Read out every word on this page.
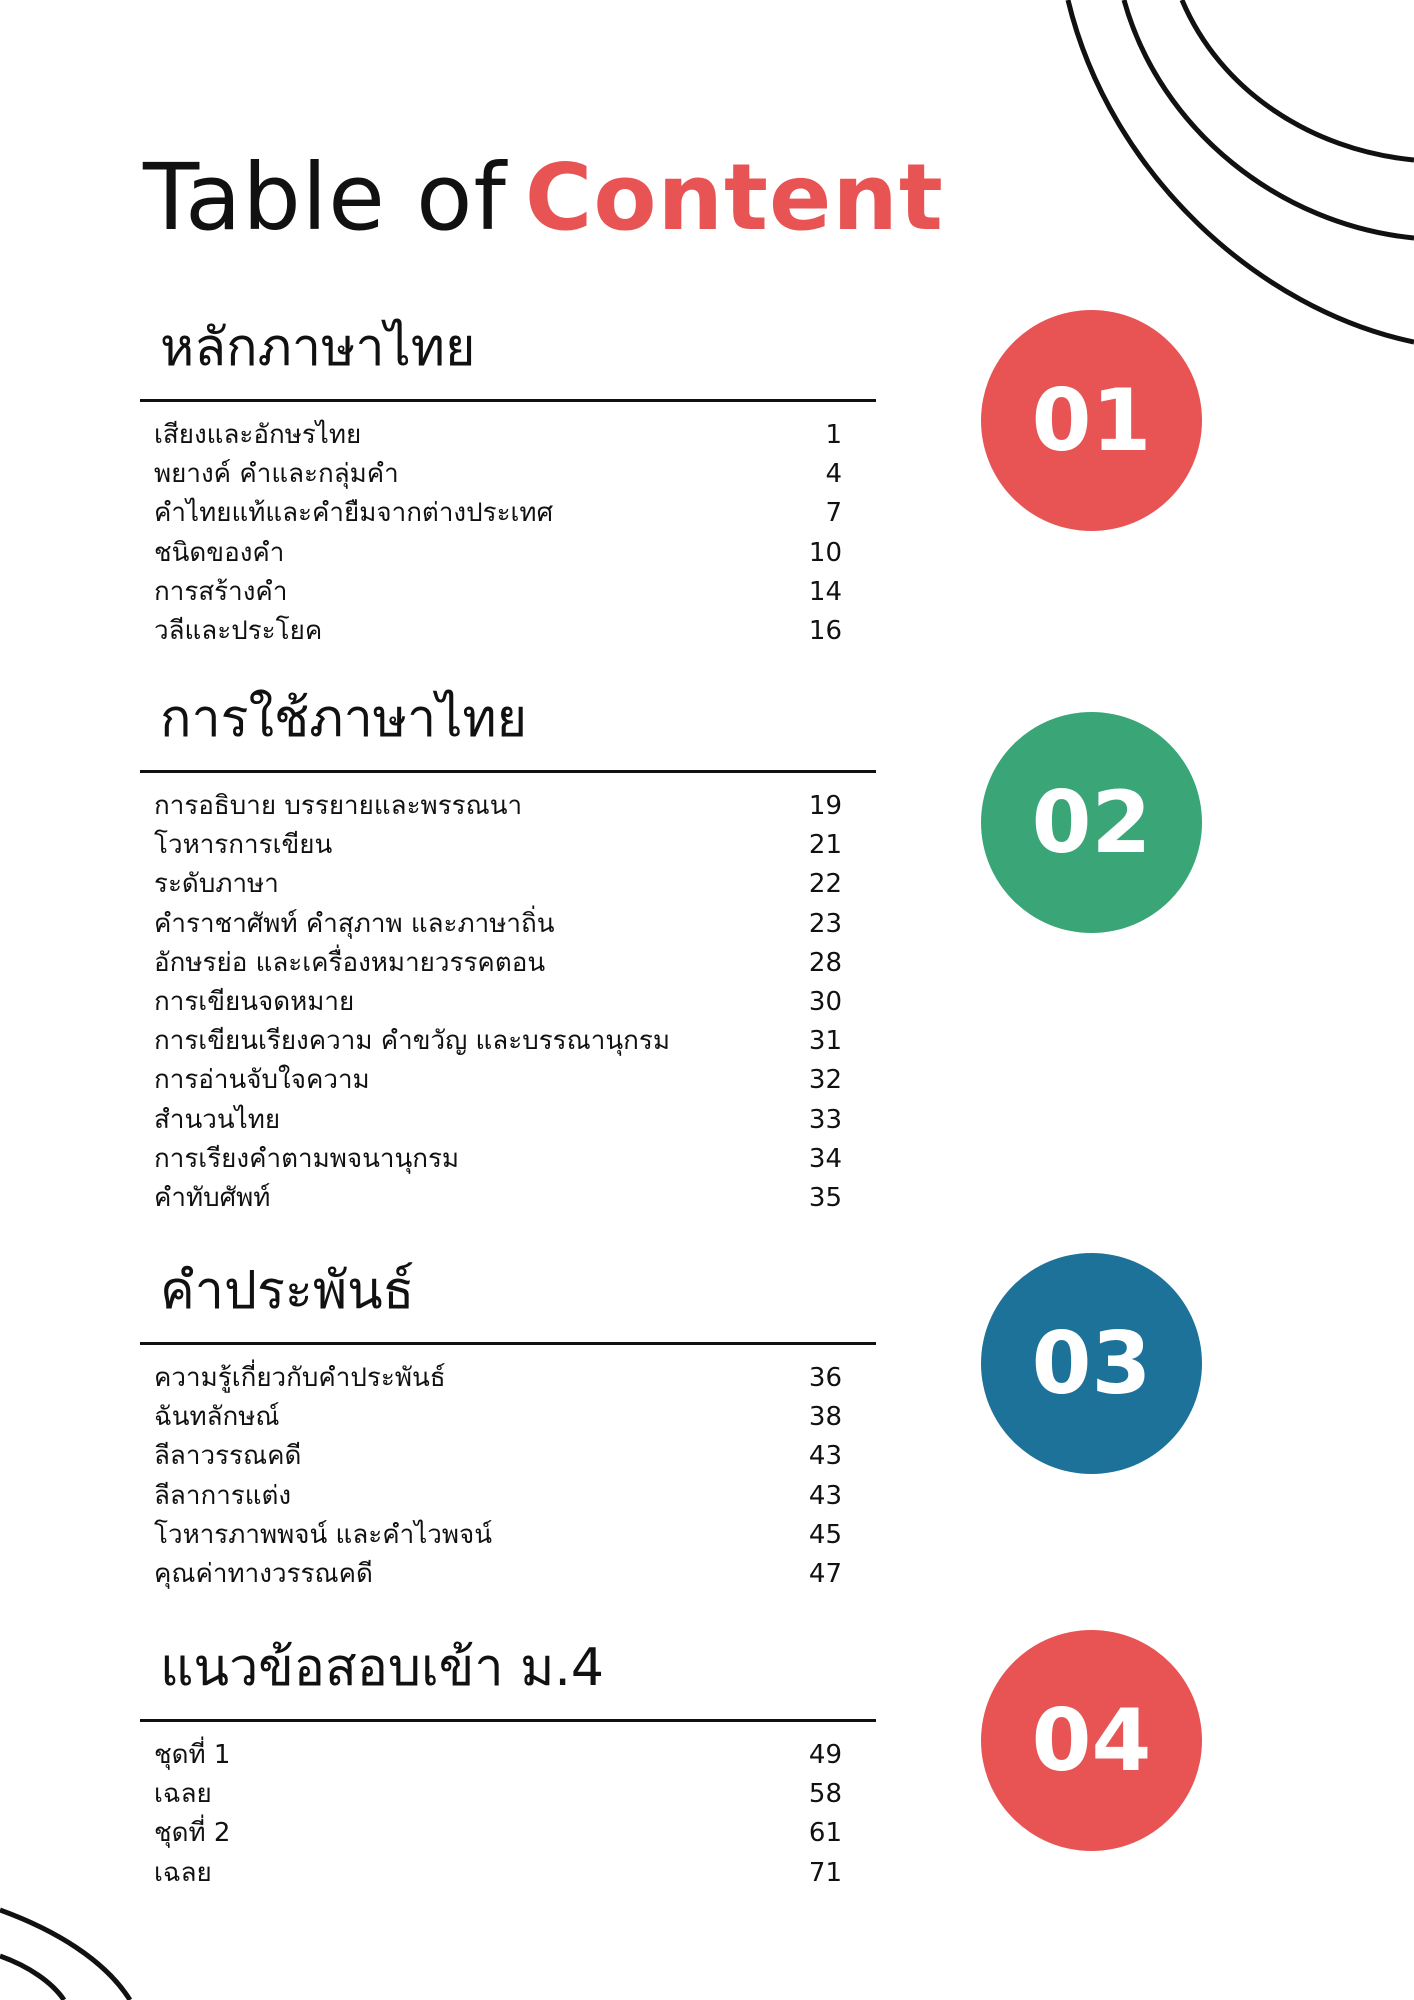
Table of Content
หลักภาษาไทย
เสียงและอักษรไทย	1
พยางค์ คำและกลุ่มคำ	4
คำไทยแท้และคำยืมจากต่างประเทศ	7
ชนิดของคำ	10
การสร้างคำ	14
วลีและประโยค	16
การใช้ภาษาไทย
การอธิบาย บรรยายและพรรณนา	19
โวหารการเขียน	21
ระดับภาษา	22
คำราชาศัพท์ คำสุภาพ และภาษาถิ่น	23
อักษรย่อ และเครื่องหมายวรรคตอน	28
การเขียนจดหมาย	30
การเขียนเรียงความ คำขวัญ และบรรณานุกรม	31
การอ่านจับใจความ	32
สำนวนไทย	33
การเรียงคำตามพจนานุกรม	34
คำทับศัพท์	35
คำประพันธ์
ความรู้เกี่ยวกับคำประพันธ์	36
ฉันทลักษณ์	38
ลีลาวรรณคดี	43
ลีลาการแต่ง	43
โวหารภาพพจน์ และคำไวพจน์	45
คุณค่าทางวรรณคดี	47
แนวข้อสอบเข้า ม.4
ชุดที่ 1	49
เฉลย	58
ชุดที่ 2	61
เฉลย	71
01
02
03
04
